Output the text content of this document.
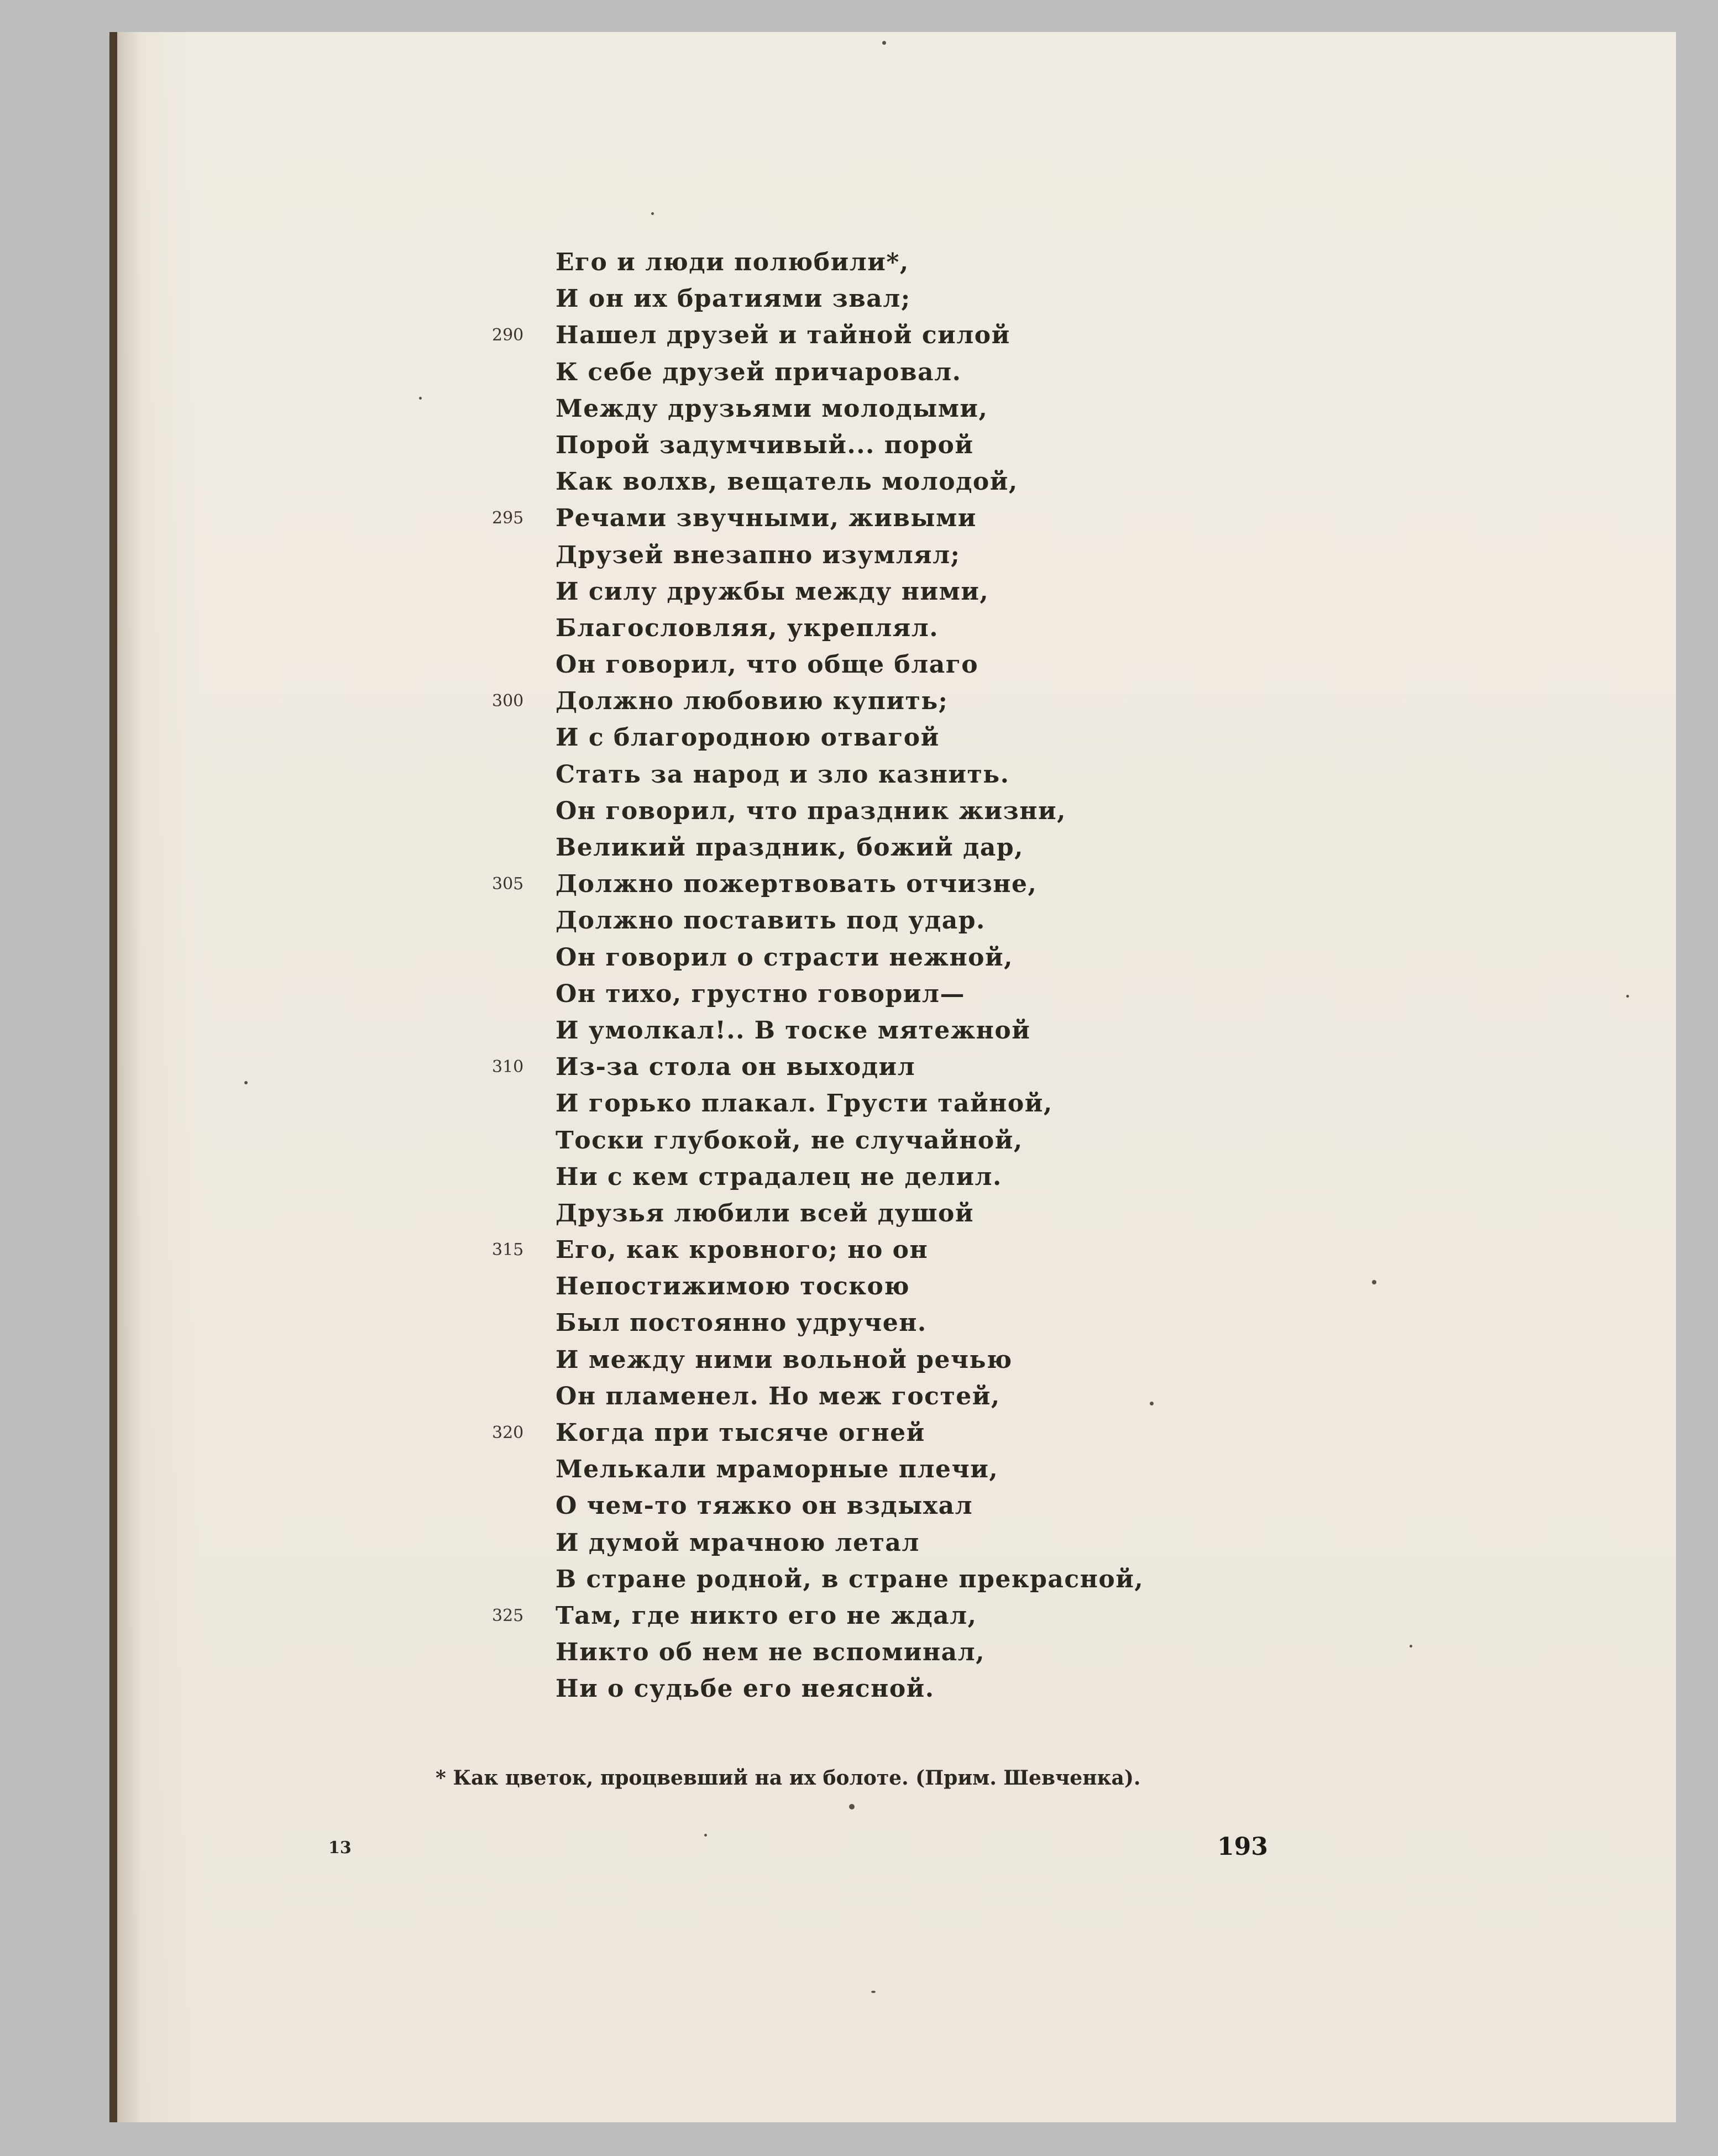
Его и люди полюбили*,
И он их братиями звал;
290 Нашел друзей и тайной силой
К себе друзей причаровал.
Между друзьями молодыми,
Порой задумчивый... порой
Как волхв, вещатель молодой,
295 Речами звучными, живыми
Друзей внезапно изумлял;
И силу дружбы между ними,
Благословляя, укреплял.
Он говорил, что обще благо
300 Должно любовию купить;
И с благородною отвагой
Стать за народ и зло казнить.
Он говорил, что праздник жизни,
Великий праздник, божий дар,
305 Должно пожертвовать отчизне,
Должно поставить под удар.
Он говорил о страсти нежной,
Он тихо, грустно говорил—
И умолкал!.. В тоске мятежной
310 Из-за стола он выходил
И горько плакал. Грусти тайной,
Тоски глубокой, не случайной,
Ни с кем страдалец не делил.
Друзья любили всей душой
315 Его, как кровного; но он
Непостижимою тоскою
Был постоянно удручен.
И между ними вольной речью
Он пламенел. Но меж гостей,
320 Когда при тысяче огней
Мелькали мраморные плечи,
О чем-то тяжко он вздыхал
И думой мрачною летал
В стране родной, в стране прекрасной,
325 Там, где никто его не ждал,
Никто об нем не вспоминал,
Ни о судьбе его неясной.
* Как цветок, процвевший на их болоте. (Прим. Шевченка).
13	193
